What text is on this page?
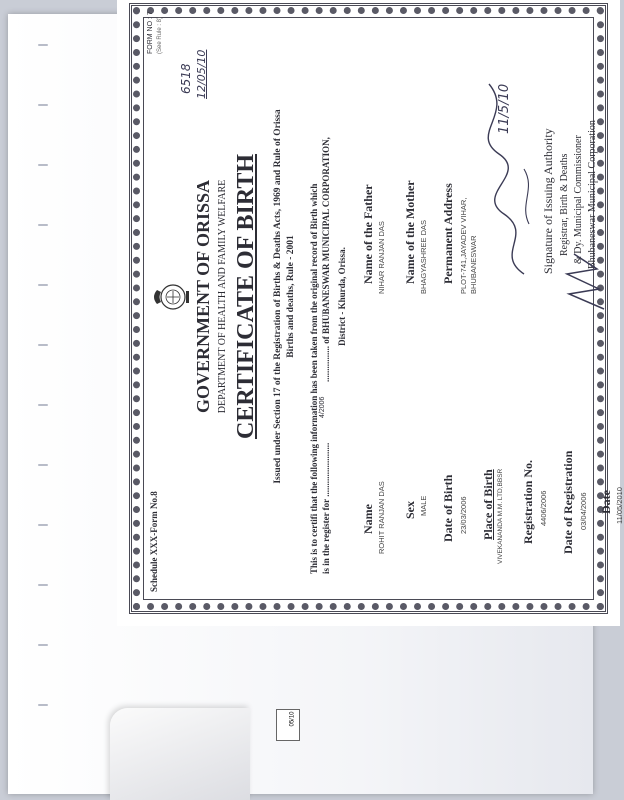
05/10
Schedule XXX-Form No.8
FORM NO : 7 (See Rule : 8)
6518 12/05/10
GOVERNMENT OF ORISSA DEPARTMENT OF HEALTH AND FAMILY WELFARE CERTIFICATE OF BIRTH Issued under Section 17 of the Registration of Births & Deaths Acts, 1969 and Rule of Orissa Births and deaths, Rule - 2001 This is to certifi that the following information has been taken from the original record of Birth which is in the register for ........................
4/2006
................ of BHUBANESWAR MUNICIPAL CORPORATION, District - Khurda, Orissa.
Name ROHIT RANJAN DAS Sex MALE Date of Birth 23/03/2006 Place of Birth VIVEKANANDA M.M. LTD,BBSR Registration No. 4406/2006 Date of Registration 03/04/2006 Date 11/05/2010
Name of the Father NIHAR RANJAN DAS Name of the Mother BHAGYASHREE DAS Permanent Address PLOT-741,JAYADEV VIHAR, BHUBANESWAR
11/5/10
Signature of Issuing Authority Registrar, Birth & Deaths & Dy. Municipal Commissioner Bhubaneswar Municipal Corporation
